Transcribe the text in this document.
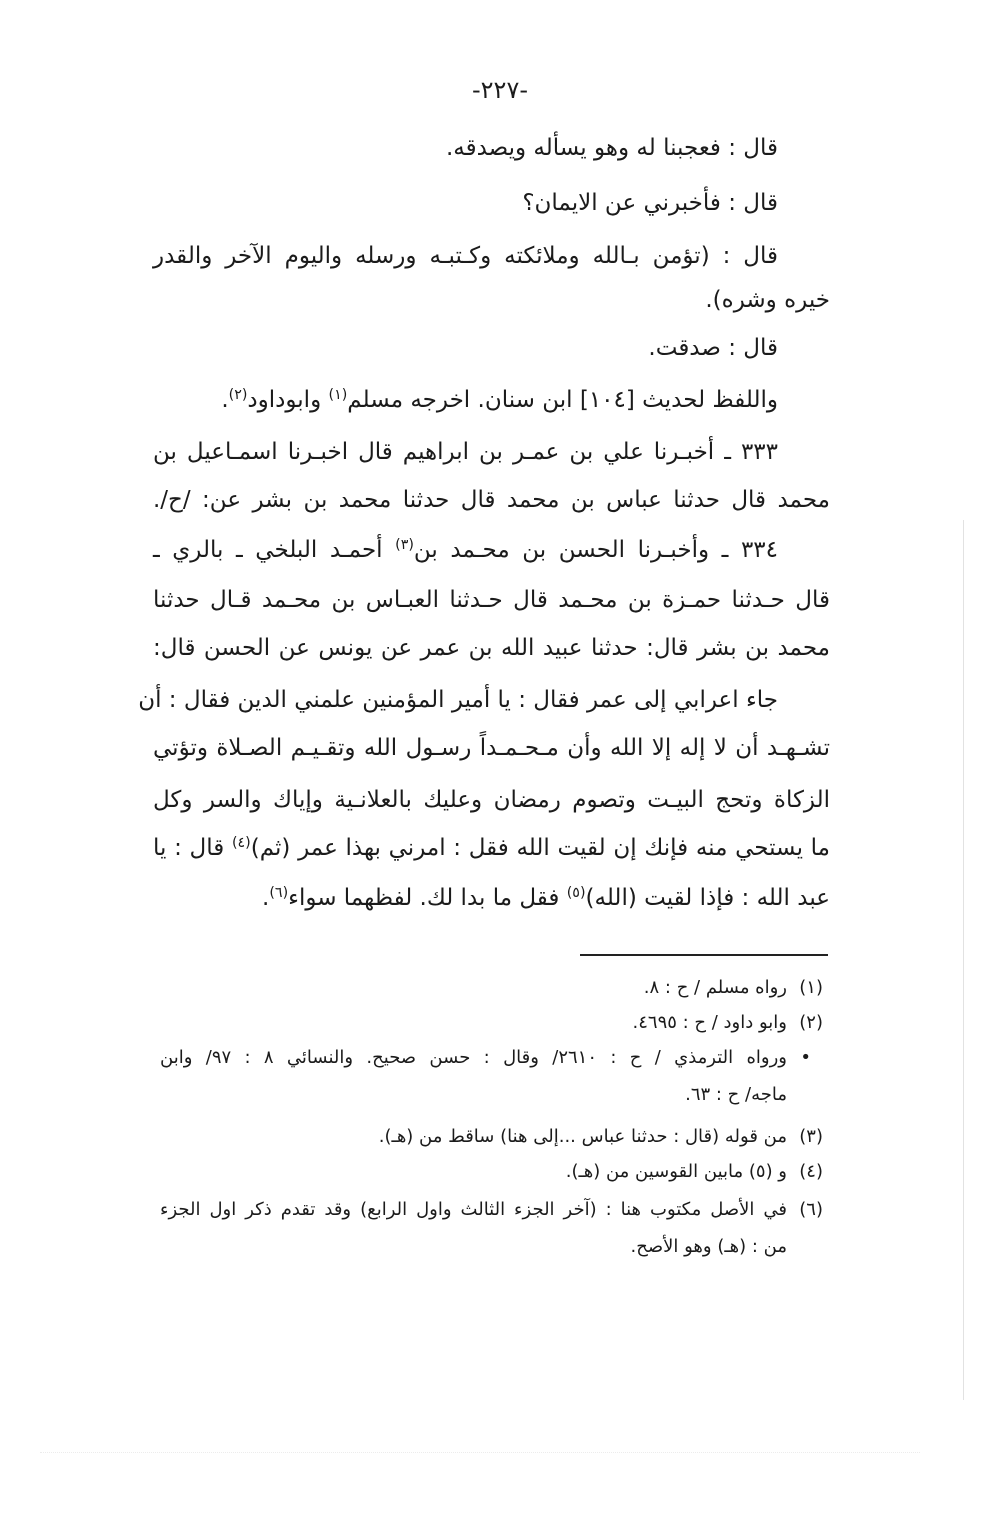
-٢٢٧-
قال : فعجبنا له وهو يسأله ويصدقه.
قال : فأخبرني عن الايمان؟
قال : (تؤمن بـالله وملائكته وكـتبـه ورسله واليوم الآخر والقدر
خيره وشره).
قال : صدقت.
واللفظ لحديث [١٠٤] ابن سنان. اخرجه مسلم$^{(١)}$ وابوداود$^{(٢)}$.
٣٣٣ ـ أخبـرنا علي بن عمـر بن ابراهيم قال اخبـرنا اسمـاعيل بن
محمد قال حدثنا عباس بن محمد قال حدثنا محمد بن بشر عن: /ح/.
٣٣٤ ـ وأخبـرنا الحسن بن محـمد بن$^{(٣)}$ أحمـد البلخي ـ بالري ـ
قال حـدثنا حمـزة بن محـمد قال حـدثنا العبـاس بن محـمد قـال حدثنا
محمد بن بشر قال: حدثنا عبيد الله بن عمر عن يونس عن الحسن قال:
جاء اعرابي إلى عمر فقال : يا أمير المؤمنين علمني الدين فقال : أن
تشـهـد أن لا إله إلا الله وأن مـحـمـداً رسـول الله وتقـيـم الصـلاة وتؤتي
الزكاة وتحج البيـت وتصوم رمضان وعليك بالعلانـية وإياك والسر وكل
ما يستحي منه فإنك إن لقيت الله فقل : امرني بهذا عمر (ثم)$^{(٤)}$ قال : يا
عبد الله : فإذا لقيت (الله)$^{(٥)}$ فقل ما بدا لك. لفظهما سواء$^{(٦)}$.
(١)
رواه مسلم / ح : ٨.
(٢)
وابو داود / ح : ٤٦٩٥.
•
ورواه الترمذي / ح : ٢٦١٠/ وقال : حسن صحيح. والنسائي ٨ : ٩٧/ وابن
ماجه/ ح : ٦٣.
(٣)
من قوله (قال : حدثنا عباس ...إلى هنا) ساقط من (هـ).
(٤)
و (٥) مابين القوسين من (هـ).
(٦)
في الأصل مكتوب هنا : (آخر الجزء الثالث واول الرابع) وقد تقدم ذكر اول الجزء
من : (هـ) وهو الأصح.
